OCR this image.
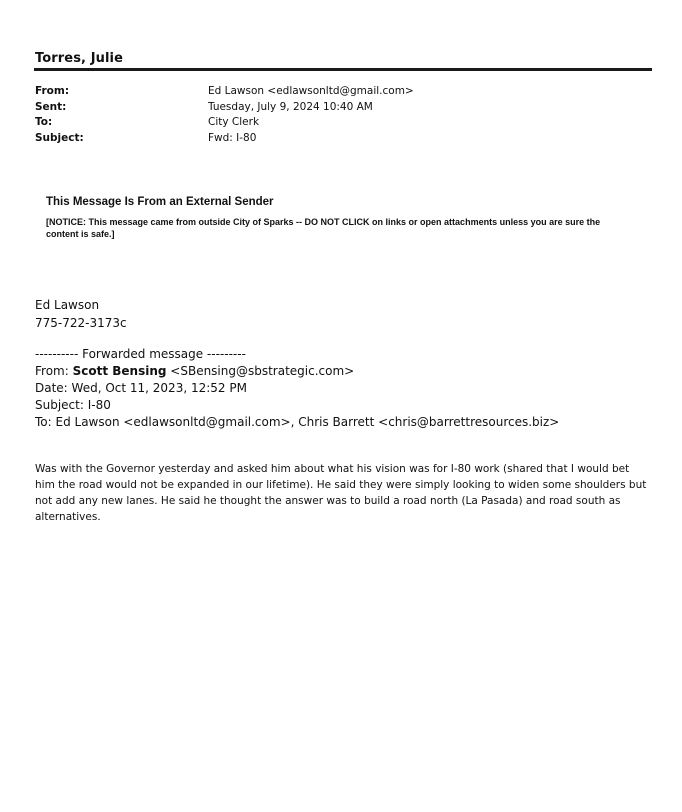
Torres, Julie
From:	Ed Lawson <edlawsonltd@gmail.com>
Sent:	Tuesday, July 9, 2024 10:40 AM
To:	City Clerk
Subject:	Fwd: I-80
This Message Is From an External Sender
[NOTICE: This message came from outside City of Sparks -- DO NOT CLICK on links or open attachments unless you are sure the content is safe.]
Ed Lawson
775-722-3173c
---------- Forwarded message ---------
From: Scott Bensing <SBensing@sbstrategic.com>
Date: Wed, Oct 11, 2023, 12:52 PM
Subject: I-80
To: Ed Lawson <edlawsonltd@gmail.com>, Chris Barrett <chris@barrettresources.biz>
Was with the Governor yesterday and asked him about what his vision was for I-80 work (shared that I would bet him the road would not be expanded in our lifetime). He said they were simply looking to widen some shoulders but not add any new lanes. He said he thought the answer was to build a road north (La Pasada) and road south as alternatives.
